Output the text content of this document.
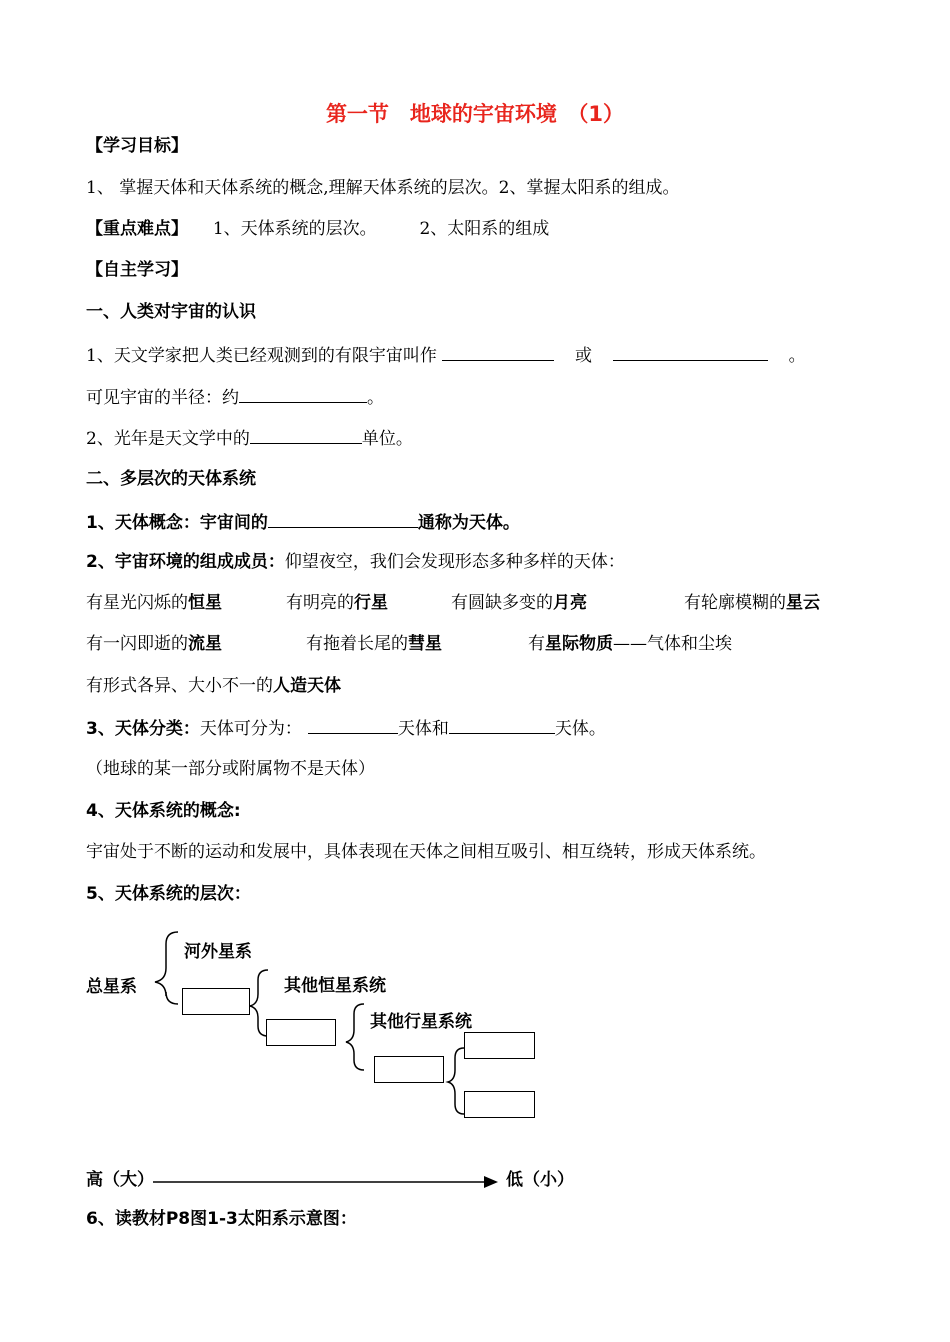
第一节　地球的宇宙环境　（1）
【学习目标】
1、 掌握天体和天体系统的概念,理解天体系统的层次。2、掌握太阳系的组成。
【重点难点】 1、天体系统的层次。	2、太阳系的组成
【自主学习】
一、人类对宇宙的认识
1、天文学家把人类已经观测到的有限宇宙叫作	或	。
可见宇宙的半径：约	。
2、光年是天文学中的	单位。
二、多层次的天体系统
1、天体概念：宇宙间的	通称为天体。
2、宇宙环境的组成成员：仰望夜空，我们会发现形态多种多样的天体：
有星光闪烁的恒星	有明亮的行星	有圆缺多变的月亮	有轮廓模糊的星云
有一闪即逝的流星	有拖着长尾的彗星	有星际物质——气体和尘埃
有形式各异、大小不一的人造天体
3、天体分类：天体可分为：	天体和	天体。
（地球的某一部分或附属物不是天体）
4、天体系统的概念:
宇宙处于不断的运动和发展中，具体表现在天体之间相互吸引、相互绕转，形成天体系统。
5、天体系统的层次：
总星系
河外星系
其他恒星系统
其他行星系统
高（大）	低（小）
6、读教材P8图1-3太阳系示意图：
